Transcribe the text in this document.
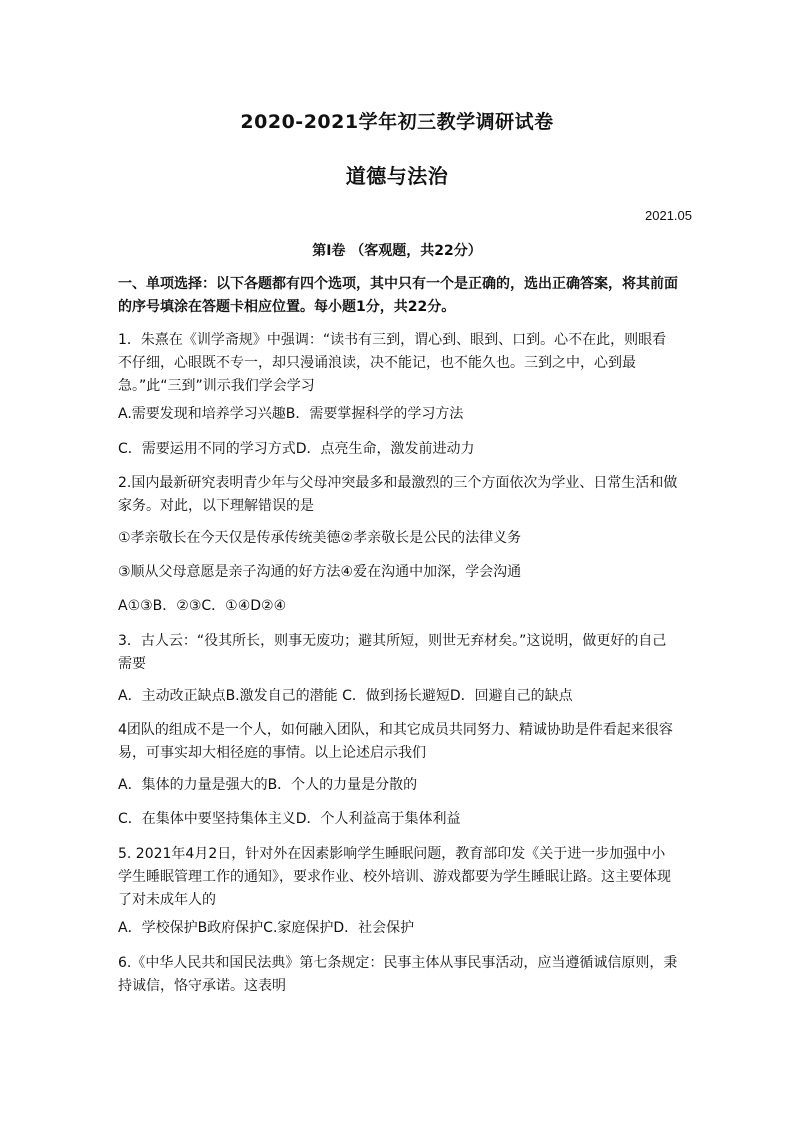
2020-2021学年初三教学调研试卷
道德与法治
2021.05
第I卷 （客观题，共22分）
一、单项选择：以下各题都有四个选项，其中只有一个是正确的，选出正确答案，将其前面的序号填涂在答题卡相应位置。每小题1分，共22分。

1．朱熹在《训学斋规》中强调：“读书有三到，谓心到、眼到、口到。心不在此，则眼看不仔细，心眼既不专一，却只漫诵浪读，决不能记，也不能久也。三到之中，心到最急。”此“三到”训示我们学会学习

A.需要发现和培养学习兴趣B．需要掌握科学的学习方法

C．需要运用不同的学习方式D．点亮生命，激发前进动力

2.国内最新研究表明青少年与父母冲突最多和最激烈的三个方面依次为学业、日常生活和做家务。对此，以下理解错误的是

①孝亲敬长在今天仅是传承传统美德②孝亲敬长是公民的法律义务

③顺从父母意愿是亲子沟通的好方法④爱在沟通中加深，学会沟通

A①③B．②③C．①④D②④

3．古人云：“役其所长，则事无废功；避其所短，则世无弃材矣。”这说明，做更好的自己需要

A．主动改正缺点B.激发自己的潜能 C．做到扬长避短D．回避自己的缺点

4团队的组成不是一个人，如何融入团队，和其它成员共同努力、精诚协助是件看起来很容易，可事实却大相径庭的事情。以上论述启示我们

A．集体的力量是强大的B．个人的力量是分散的

C．在集体中要坚持集体主义D．个人利益高于集体利益

5. 2021年4月2日，针对外在因素影响学生睡眠问题，教育部印发《关于进一步加强中小学生睡眠管理工作的通知》，要求作业、校外培训、游戏都要为学生睡眠让路。这主要体现了对未成年人的

A．学校保护B政府保护C.家庭保护D．社会保护

6.《中华人民共和国民法典》第七条规定：民事主体从事民事活动，应当遵循诚信原则，秉持诚信，恪守承诺。这表明
